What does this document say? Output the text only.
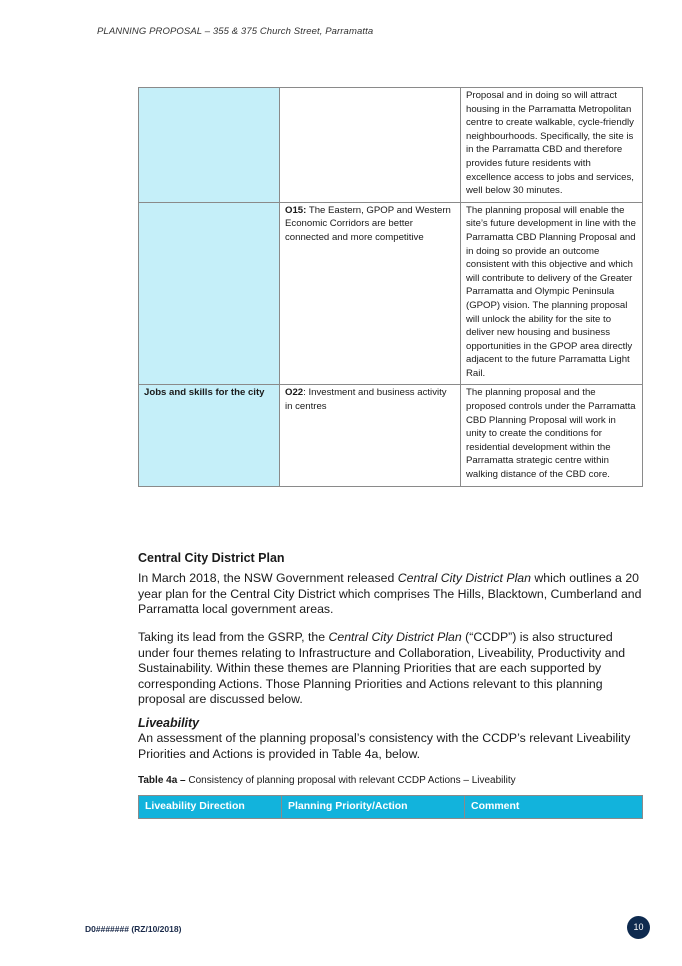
PLANNING PROPOSAL – 355 & 375 Church Street, Parramatta
		Proposal and in doing so will attract housing in the Parramatta Metropolitan centre to create walkable, cycle-friendly neighbourhoods. Specifically, the site is in the Parramatta CBD and therefore provides future residents with excellence access to jobs and services, well below 30 minutes.
	O15: The Eastern, GPOP and Western Economic Corridors are better connected and more competitive	The planning proposal will enable the site’s future development in line with the Parramatta CBD Planning Proposal and in doing so provide an outcome consistent with this objective and which will contribute to delivery of the Greater Parramatta and Olympic Peninsula (GPOP) vision. The planning proposal will unlock the ability for the site to deliver new housing and business opportunities in the GPOP area directly adjacent to the future Parramatta Light Rail.
Jobs and skills for the city	O22: Investment and business activity in centres	The planning proposal and the proposed controls under the Parramatta CBD Planning Proposal will work in unity to create the conditions for residential development within the Parramatta strategic centre within walking distance of the CBD core.
Central City District Plan
In March 2018, the NSW Government released Central City District Plan which outlines a 20 year plan for the Central City District which comprises The Hills, Blacktown, Cumberland and Parramatta local government areas.
Taking its lead from the GSRP, the Central City District Plan (“CCDP”) is also structured under four themes relating to Infrastructure and Collaboration, Liveability, Productivity and Sustainability. Within these themes are Planning Priorities that are each supported by corresponding Actions. Those Planning Priorities and Actions relevant to this planning proposal are discussed below.
Liveability
An assessment of the planning proposal’s consistency with the CCDP’s relevant Liveability Priorities and Actions is provided in Table 4a, below.
Table 4a – Consistency of planning proposal with relevant CCDP Actions – Liveability
Liveability Direction	Planning Priority/Action	Comment
D0####### (RZ/10/2018)	10
